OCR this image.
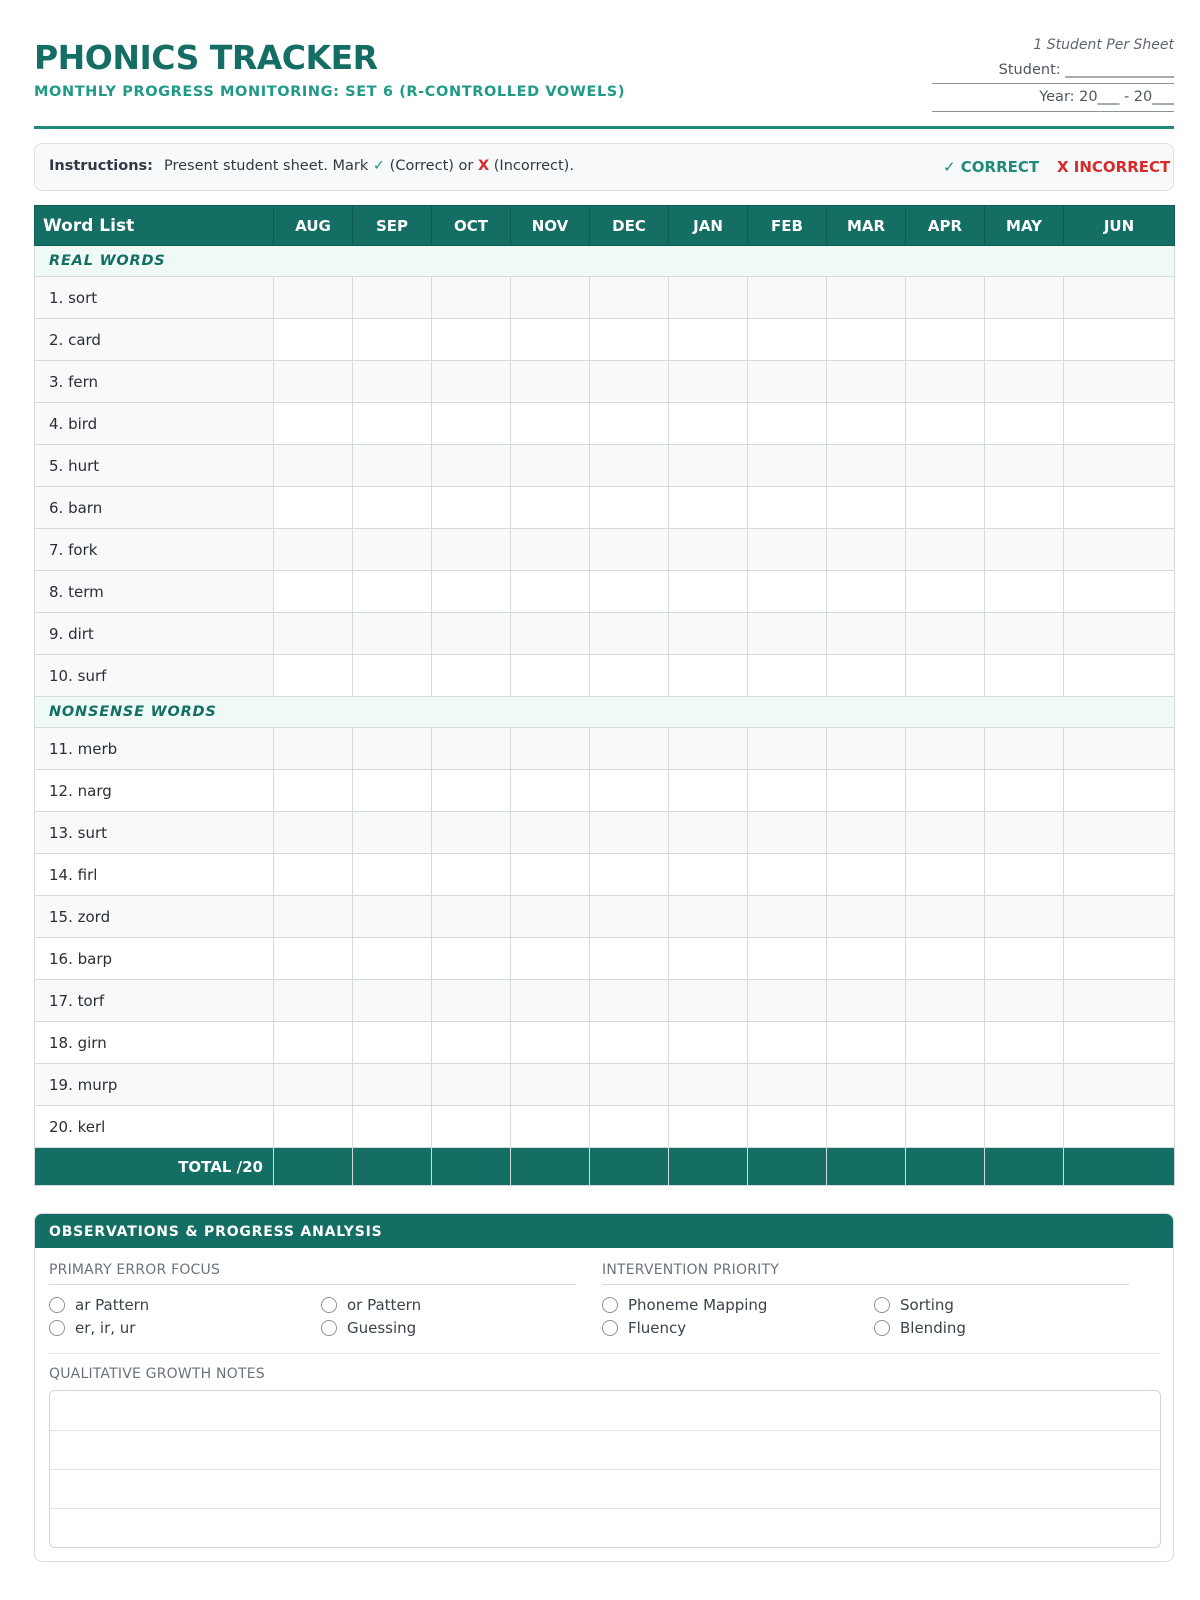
PHONICS TRACKER
MONTHLY PROGRESS MONITORING: SET 6 (R-CONTROLLED VOWELS)
1 Student Per Sheet
Student: _______________
Year: 20___ - 20___
Instructions: Present student sheet. Mark ✓ (Correct) or X (Incorrect).	✓ CORRECT X INCORRECT
Word List	AUG	SEP	OCT	NOV	DEC	JAN	FEB	MAR	APR	MAY	JUN
REAL WORDS											
1. sort											
2. card											
3. fern											
4. bird											
5. hurt											
6. barn											
7. fork											
8. term											
9. dirt											
10. surf											
NONSENSE WORDS											
11. merb											
12. narg											
13. surt											
14. firl											
15. zord											
16. barp											
17. torf											
18. girn											
19. murp											
20. kerl											
TOTAL /20											
OBSERVATIONS & PROGRESS ANALYSIS
PRIMARY ERROR FOCUS
ar Pattern	or Pattern
er, ir, ur	Guessing
INTERVENTION PRIORITY
Phoneme Mapping	Sorting
Fluency	Blending
QUALITATIVE GROWTH NOTES
